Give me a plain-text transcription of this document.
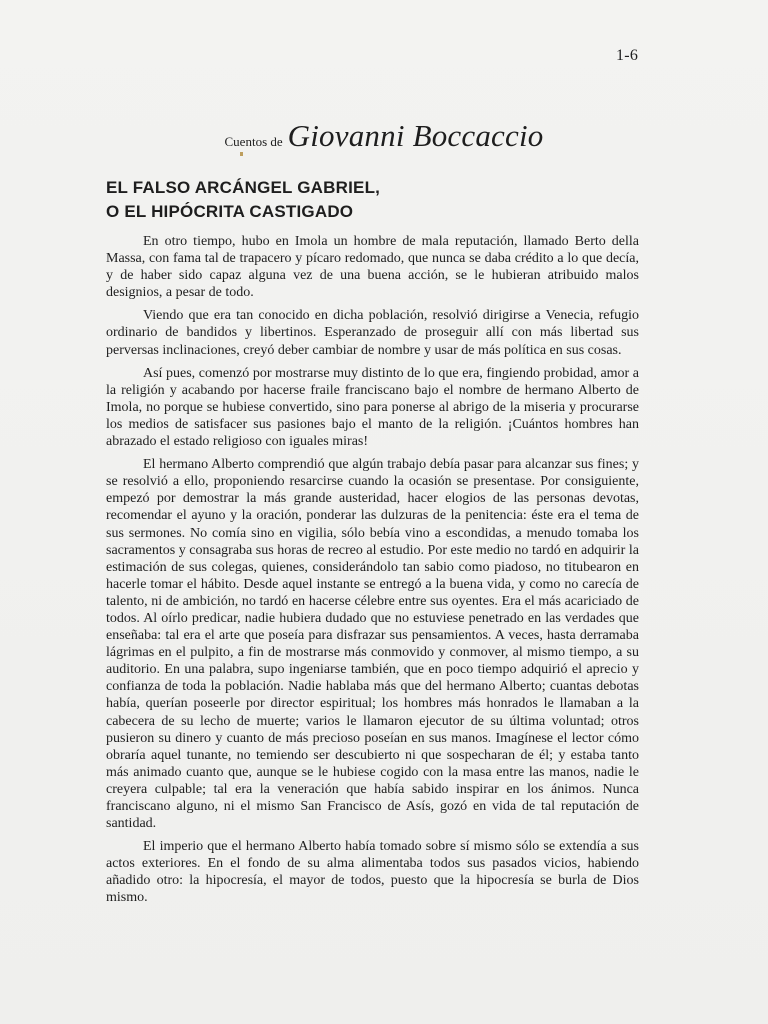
1-6
Cuentos de Giovanni Boccaccio
EL FALSO ARCÁNGEL GABRIEL,
O EL HIPÓCRITA CASTIGADO

En otro tiempo, hubo en Imola un hombre de mala reputación, llamado Berto della Massa, con fama tal de trapacero y pícaro redomado, que nunca se daba crédito a lo que decía, y de haber sido capaz alguna vez de una buena acción, se le hubieran atribuido malos designios, a pesar de todo.

Viendo que era tan conocido en dicha población, resolvió dirigirse a Venecia, refugio ordinario de bandidos y libertinos. Esperanzado de proseguir allí con más libertad sus perversas inclinaciones, creyó deber cambiar de nombre y usar de más política en sus cosas.

Así pues, comenzó por mostrarse muy distinto de lo que era, fingiendo probidad, amor a la religión y acabando por hacerse fraile franciscano bajo el nombre de hermano Alberto de Imola, no porque se hubiese convertido, sino para ponerse al abrigo de la miseria y procurarse los medios de satisfacer sus pasiones bajo el manto de la religión. ¡Cuántos hombres han abrazado el estado religioso con iguales miras!

El hermano Alberto comprendió que algún trabajo debía pasar para alcanzar sus fines; y se resolvió a ello, proponiendo resarcirse cuando la ocasión se presentase. Por consiguiente, empezó por demostrar la más grande austeridad, hacer elogios de las personas devotas, recomendar el ayuno y la oración, ponderar las dulzuras de la penitencia: éste era el tema de sus sermones. No comía sino en vigilia, sólo bebía vino a escondidas, a menudo tomaba los sacramentos y consagraba sus horas de recreo al estudio. Por este medio no tardó en adquirir la estimación de sus colegas, quienes, considerándolo tan sabio como piadoso, no titubearon en hacerle tomar el hábito. Desde aquel instante se entregó a la buena vida, y como no carecía de talento, ni de ambición, no tardó en hacerse célebre entre sus oyentes. Era el más acariciado de todos. Al oírlo predicar, nadie hubiera dudado que no estuviese penetrado en las verdades que enseñaba: tal era el arte que poseía para disfrazar sus pensamientos. A veces, hasta derramaba lágrimas en el pulpito, a fin de mostrarse más conmovido y conmover, al mismo tiempo, a su auditorio. En una palabra, supo ingeniarse también, que en poco tiempo adquirió el aprecio y confianza de toda la población. Nadie hablaba más que del hermano Alberto; cuantas debotas había, querían poseerle por director espiritual; los hombres más honrados le llamaban a la cabecera de su lecho de muerte; varios le llamaron ejecutor de su última voluntad; otros pusieron su dinero y cuanto de más precioso poseían en sus manos. Imagínese el lector cómo obraría aquel tunante, no temiendo ser descubierto ni que sospecharan de él; y estaba tanto más animado cuanto que, aunque se le hubiese cogido con la masa entre las manos, nadie le creyera culpable; tal era la veneración que había sabido inspirar en los ánimos. Nunca franciscano alguno, ni el mismo San Francisco de Asís, gozó en vida de tal reputación de santidad.

El imperio que el hermano Alberto había tomado sobre sí mismo sólo se extendía a sus actos exteriores. En el fondo de su alma alimentaba todos sus pasados vicios, habiendo añadido otro: la hipocresía, el mayor de todos, puesto que la hipocresía se burla de Dios mismo.
